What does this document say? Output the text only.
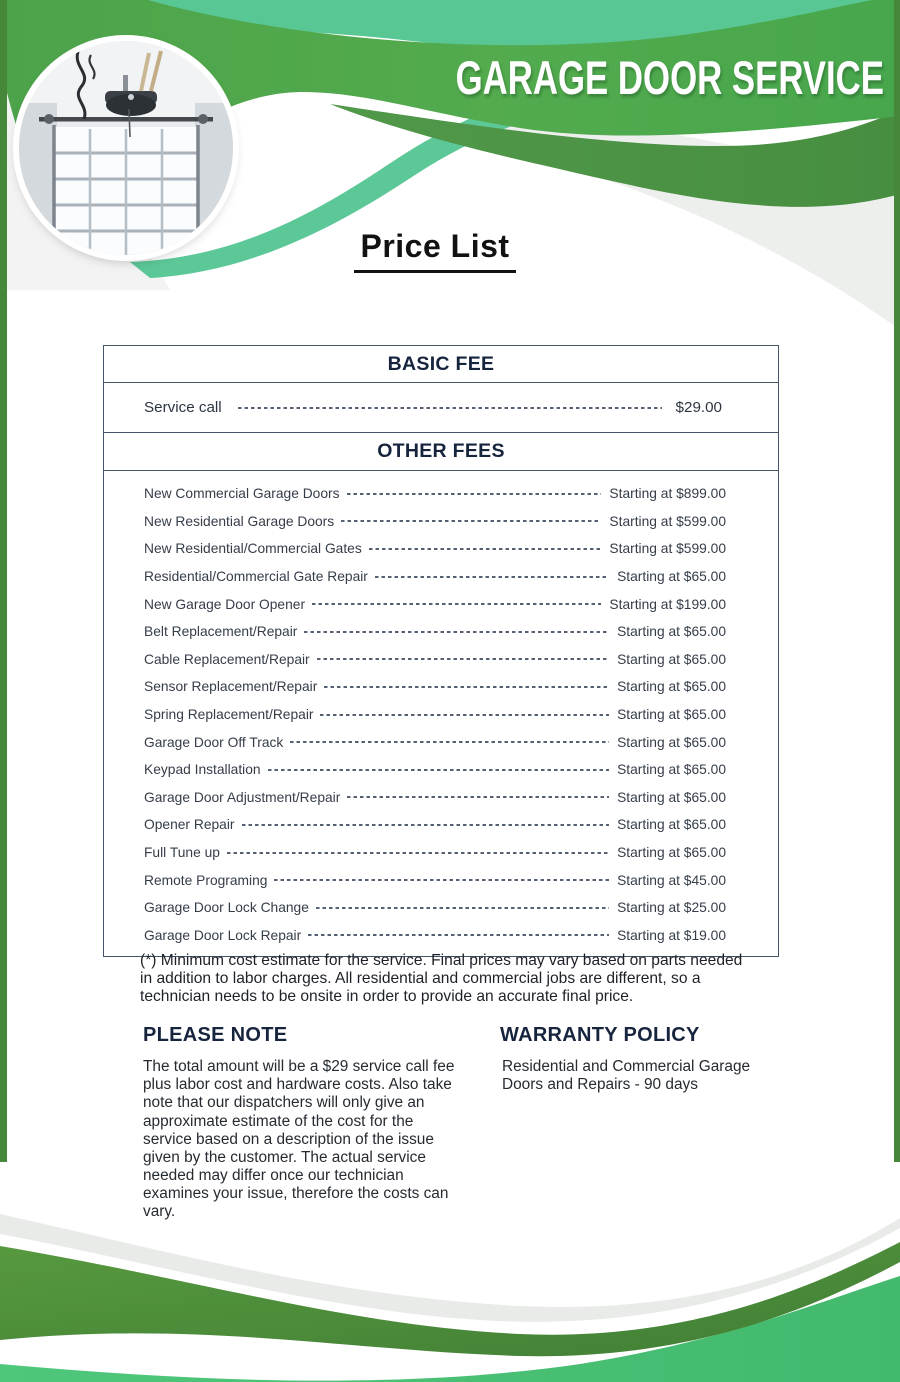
GARAGE DOOR SERVICE
Price List
BASIC FEE
Service call	$29.00
OTHER FEES
New Commercial Garage Doors	Starting at $899.00
New Residential Garage Doors	Starting at $599.00
New Residential/Commercial Gates	Starting at $599.00
Residential/Commercial Gate Repair	Starting at $65.00
New Garage Door Opener	Starting at $199.00
Belt Replacement/Repair	Starting at $65.00
Cable Replacement/Repair	Starting at $65.00
Sensor Replacement/Repair	Starting at $65.00
Spring Replacement/Repair	Starting at $65.00
Garage Door Off Track	Starting at $65.00
Keypad Installation	Starting at $65.00
Garage Door Adjustment/Repair	Starting at $65.00
Opener Repair	Starting at $65.00
Full Tune up	Starting at $65.00
Remote Programing	Starting at $45.00
Garage Door Lock Change	Starting at $25.00
Garage Door Lock Repair	Starting at $19.00
(*) Minimum cost estimate for the service. Final prices may vary based on parts needed in addition to labor charges. All residential and commercial jobs are different, so a technician needs to be onsite in order to provide an accurate final price.
PLEASE NOTE	WARRANTY POLICY
The total amount will be a $29 service call fee plus labor cost and hardware costs. Also take note that our dispatchers will only give an approximate estimate of the cost for the service based on a description of the issue given by the customer. The actual service needed may differ once our technician examines your issue, therefore the costs can vary.
Residential and Commercial Garage Doors and Repairs - 90 days
